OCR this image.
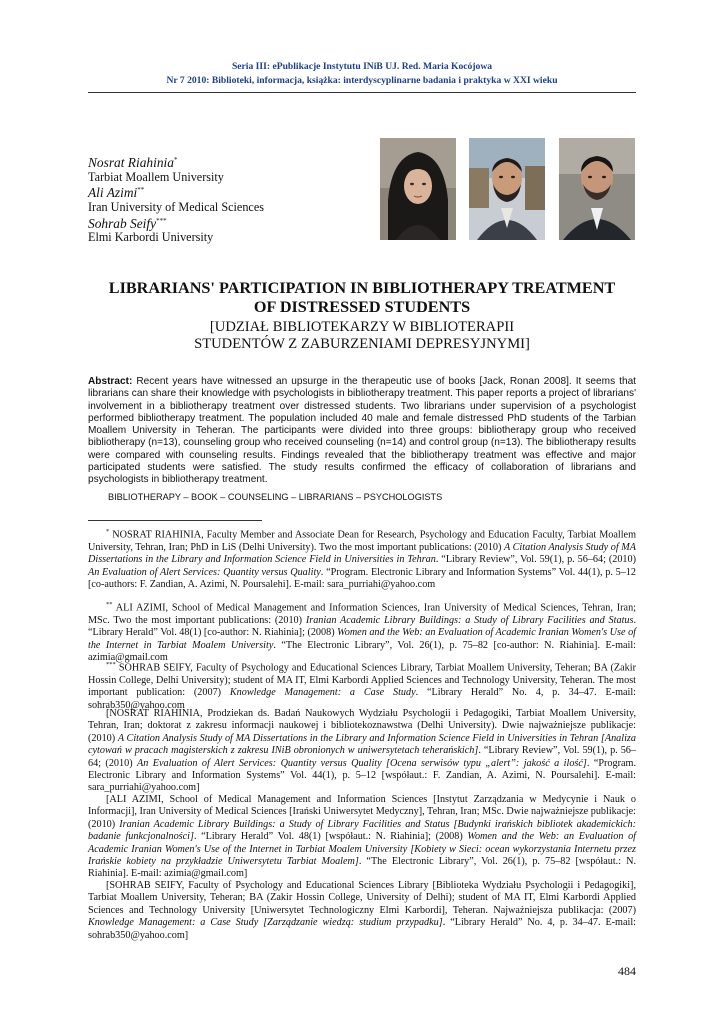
Seria III: ePublikacje Instytutu INiB UJ. Red. Maria Kocójowa
Nr 7 2010: Biblioteki, informacja, książka: interdyscyplinarne badania i praktyka w XXI wieku
Nosrat Riahinia*
Tarbiat Moallem University
Ali Azimi**
Iran University of Medical Sciences
Sohrab Seify***
Elmi Karbordi University
LIBRARIANS' PARTICIPATION IN BIBLIOTHERAPY TREATMENT
OF DISTRESSED STUDENTS
[UDZIAŁ BIBLIOTEKARZY W BIBLIOTERAPII
STUDENTÓW Z ZABURZENIAMI DEPRESYJNYMI]
Abstract: Recent years have witnessed an upsurge in the therapeutic use of books [Jack, Ronan 2008]. It seems that librarians can share their knowledge with psychologists in bibliotherapy treatment. This paper reports a project of librarians' involvement in a bibliotherapy treatment over distressed students. Two librarians under supervision of a psychologist performed bibliotherapy treatment. The population included 40 male and female distressed PhD students of the Tarbian Moallem University in Teheran. The participants were divided into three groups: bibliotherapy group who received bibliotherapy (n=13), counseling group who received counseling (n=14) and control group (n=13). The bibliotherapy results were compared with counseling results. Findings revealed that the bibliotherapy treatment was effective and major participated students were satisfied. The study results confirmed the efficacy of collaboration of librarians and psychologists in bibliotherapy treatment.
BIBLIOTHERAPY – BOOK – COUNSELING – LIBRARIANS – PSYCHOLOGISTS
* NOSRAT RIAHINIA, Faculty Member and Associate Dean for Research, Psychology and Education Faculty, Tarbiat Moallem University, Tehran, Iran; PhD in LiS (Delhi University). Two the most important publications: (2010) A Citation Analysis Study of MA Dissertations in the Library and Information Science Field in Universities in Tehran. “Library Review”, Vol. 59(1), p. 56–64; (2010) An Evaluation of Alert Services: Quantity versus Quality. “Program. Electronic Library and Information Systems” Vol. 44(1), p. 5–12 [co-authors: F. Zandian, A. Azimi, N. Poursalehi]. E-mail: sara_purriahi@yahoo.com
** ALI AZIMI, School of Medical Management and Information Sciences, Iran University of Medical Sciences, Tehran, Iran; MSc. Two the most important publications: (2010) Iranian Academic Library Buildings: a Study of Library Facilities and Status. “Library Herald” Vol. 48(1) [co-author: N. Riahinia]; (2008) Women and the Web: an Evaluation of Academic Iranian Women's Use of the Internet in Tarbiat Moalem University. “The Electronic Library”, Vol. 26(1), p. 75–82 [co-author: N. Riahinia]. E-mail: azimia@gmail.com
*** SOHRAB SEIFY, Faculty of Psychology and Educational Sciences Library, Tarbiat Moallem University, Teheran; BA (Zakir Hossin College, Delhi University); student of MA IT, Elmi Karbordi Applied Sciences and Technology University, Teheran. The most important publication: (2007) Knowledge Management: a Case Study. “Library Herald” No. 4, p. 34–47. E-mail: sohrab350@yahoo.com
[NOSRAT RIAHINIA, Prodziekan ds. Badań Naukowych Wydziału Psychologii i Pedagogiki, Tarbiat Moallem University, Tehran, Iran; doktorat z zakresu informacji naukowej i bibliotekoznawstwa (Delhi University). Dwie najważniejsze publikacje: (2010) A Citation Analysis Study of MA Dissertations in the Library and Information Science Field in Universities in Tehran [Analiza cytowań w pracach magisterskich z zakresu INiB obronionych w uniwersytetach teherańskich]. “Library Review”, Vol. 59(1), p. 56–64; (2010) An Evaluation of Alert Services: Quantity versus Quality [Ocena serwisów typu „alert”: jakość a ilość]. “Program. Electronic Library and Information Systems” Vol. 44(1), p. 5–12 [współaut.: F. Zandian, A. Azimi, N. Poursalehi]. E-mail: sara_purriahi@yahoo.com]
[ALI AZIMI, School of Medical Management and Information Sciences [Instytut Zarządzania w Medycynie i Nauk o Informacji], Iran University of Medical Sciences [Irański Uniwersytet Medyczny], Tehran, Iran; MSc. Dwie najważniejsze publikacje: (2010) Iranian Academic Library Buildings: a Study of Library Facilities and Status [Budynki irańskich bibliotek akademickich: badanie funkcjonalności]. “Library Herald” Vol. 48(1) [współaut.: N. Riahinia]; (2008) Women and the Web: an Evaluation of Academic Iranian Women's Use of the Internet in Tarbiat Moalem University [Kobiety w Sieci: ocean wykorzystania Internetu przez Irańskie kobiety na przykładzie Uniwersytetu Tarbiat Moalem]. “The Electronic Library”, Vol. 26(1), p. 75–82 [współaut.: N. Riahinia]. E-mail: azimia@gmail.com]
[SOHRAB SEIFY, Faculty of Psychology and Educational Sciences Library [Biblioteka Wydziału Psychologii i Pedagogiki], Tarbiat Moallem University, Teheran; BA (Zakir Hossin College, University of Delhi); student of MA IT, Elmi Karbordi Applied Sciences and Technology University [Uniwersytet Technologiczny Elmi Karbordi], Teheran. Najważniejsza publikacja: (2007) Knowledge Management: a Case Study [Zarządzanie wiedzą: studium przypadku]. “Library Herald” No. 4, p. 34–47. E-mail: sohrab350@yahoo.com]
484
